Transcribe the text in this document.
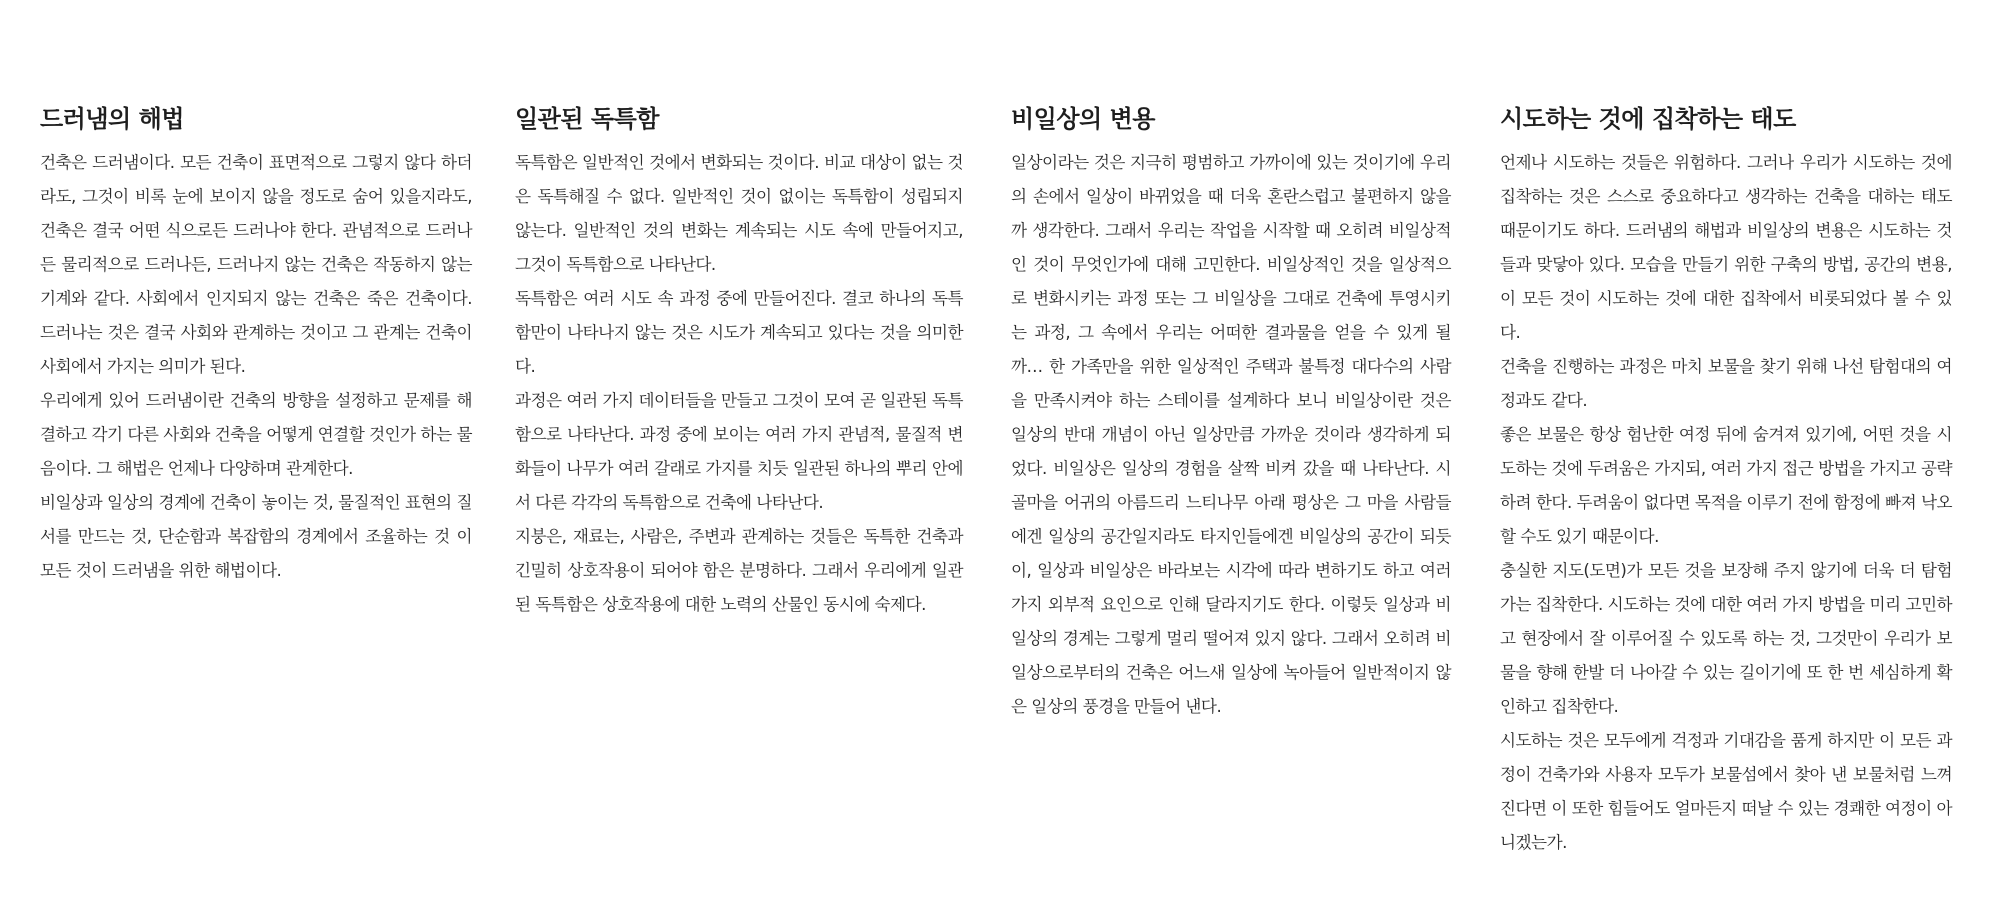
드러냄의 해법

건축은 드러냄이다. 모든 건축이 표면적으로 그렇지 않다 하더라도, 그것이 비록 눈에 보이지 않을 정도로 숨어 있을지라도, 건축은 결국 어떤 식으로든 드러나야 한다. 관념적으로 드러나든 물리적으로 드러나든, 드러나지 않는 건축은 작동하지 않는 기계와 같다. 사회에서 인지되지 않는 건축은 죽은 건축이다. 드러나는 것은 결국 사회와 관계하는 것이고 그 관계는 건축이 사회에서 가지는 의미가 된다.

우리에게 있어 드러냄이란 건축의 방향을 설정하고 문제를 해결하고 각기 다른 사회와 건축을 어떻게 연결할 것인가 하는 물음이다. 그 해법은 언제나 다양하며 관계한다.

비일상과 일상의 경계에 건축이 놓이는 것, 물질적인 표현의 질서를 만드는 것, 단순함과 복잡함의 경계에서 조율하는 것 이 모든 것이 드러냄을 위한 해법이다.

일관된 독특함

독특함은 일반적인 것에서 변화되는 것이다. 비교 대상이 없는 것은 독특해질 수 없다. 일반적인 것이 없이는 독특함이 성립되지 않는다. 일반적인 것의 변화는 계속되는 시도 속에 만들어지고, 그것이 독특함으로 나타난다.

독특함은 여러 시도 속 과정 중에 만들어진다. 결코 하나의 독특함만이 나타나지 않는 것은 시도가 계속되고 있다는 것을 의미한다.

과정은 여러 가지 데이터들을 만들고 그것이 모여 곧 일관된 독특함으로 나타난다. 과정 중에 보이는 여러 가지 관념적, 물질적 변화들이 나무가 여러 갈래로 가지를 치듯 일관된 하나의 뿌리 안에서 다른 각각의 독특함으로 건축에 나타난다.

지붕은, 재료는, 사람은, 주변과 관계하는 것들은 독특한 건축과 긴밀히 상호작용이 되어야 함은 분명하다. 그래서 우리에게 일관된 독특함은 상호작용에 대한 노력의 산물인 동시에 숙제다.

비일상의 변용

일상이라는 것은 지극히 평범하고 가까이에 있는 것이기에 우리의 손에서 일상이 바뀌었을 때 더욱 혼란스럽고 불편하지 않을까 생각한다. 그래서 우리는 작업을 시작할 때 오히려 비일상적인 것이 무엇인가에 대해 고민한다. 비일상적인 것을 일상적으로 변화시키는 과정 또는 그 비일상을 그대로 건축에 투영시키는 과정, 그 속에서 우리는 어떠한 결과물을 얻을 수 있게 될까… 한 가족만을 위한 일상적인 주택과 불특정 대다수의 사람을 만족시켜야 하는 스테이를 설계하다 보니 비일상이란 것은 일상의 반대 개념이 아닌 일상만큼 가까운 것이라 생각하게 되었다. 비일상은 일상의 경험을 살짝 비켜 갔을 때 나타난다. 시골마을 어귀의 아름드리 느티나무 아래 평상은 그 마을 사람들에겐 일상의 공간일지라도 타지인들에겐 비일상의 공간이 되듯이, 일상과 비일상은 바라보는 시각에 따라 변하기도 하고 여러 가지 외부적 요인으로 인해 달라지기도 한다. 이렇듯 일상과 비일상의 경계는 그렇게 멀리 떨어져 있지 않다. 그래서 오히려 비일상으로부터의 건축은 어느새 일상에 녹아들어 일반적이지 않은 일상의 풍경을 만들어 낸다.

시도하는 것에 집착하는 태도

언제나 시도하는 것들은 위험하다. 그러나 우리가 시도하는 것에 집착하는 것은 스스로 중요하다고 생각하는 건축을 대하는 태도 때문이기도 하다. 드러냄의 해법과 비일상의 변용은 시도하는 것들과 맞닿아 있다. 모습을 만들기 위한 구축의 방법, 공간의 변용, 이 모든 것이 시도하는 것에 대한 집착에서 비롯되었다 볼 수 있다.

건축을 진행하는 과정은 마치 보물을 찾기 위해 나선 탐험대의 여정과도 같다.

좋은 보물은 항상 험난한 여정 뒤에 숨겨져 있기에, 어떤 것을 시도하는 것에 두려움은 가지되, 여러 가지 접근 방법을 가지고 공략하려 한다. 두려움이 없다면 목적을 이루기 전에 함정에 빠져 낙오할 수도 있기 때문이다.

충실한 지도(도면)가 모든 것을 보장해 주지 않기에 더욱 더 탐험가는 집착한다. 시도하는 것에 대한 여러 가지 방법을 미리 고민하고 현장에서 잘 이루어질 수 있도록 하는 것, 그것만이 우리가 보물을 향해 한발 더 나아갈 수 있는 길이기에 또 한 번 세심하게 확인하고 집착한다.

시도하는 것은 모두에게 걱정과 기대감을 품게 하지만 이 모든 과정이 건축가와 사용자 모두가 보물섬에서 찾아 낸 보물처럼 느껴진다면 이 또한 힘들어도 얼마든지 떠날 수 있는 경쾌한 여정이 아니겠는가.
